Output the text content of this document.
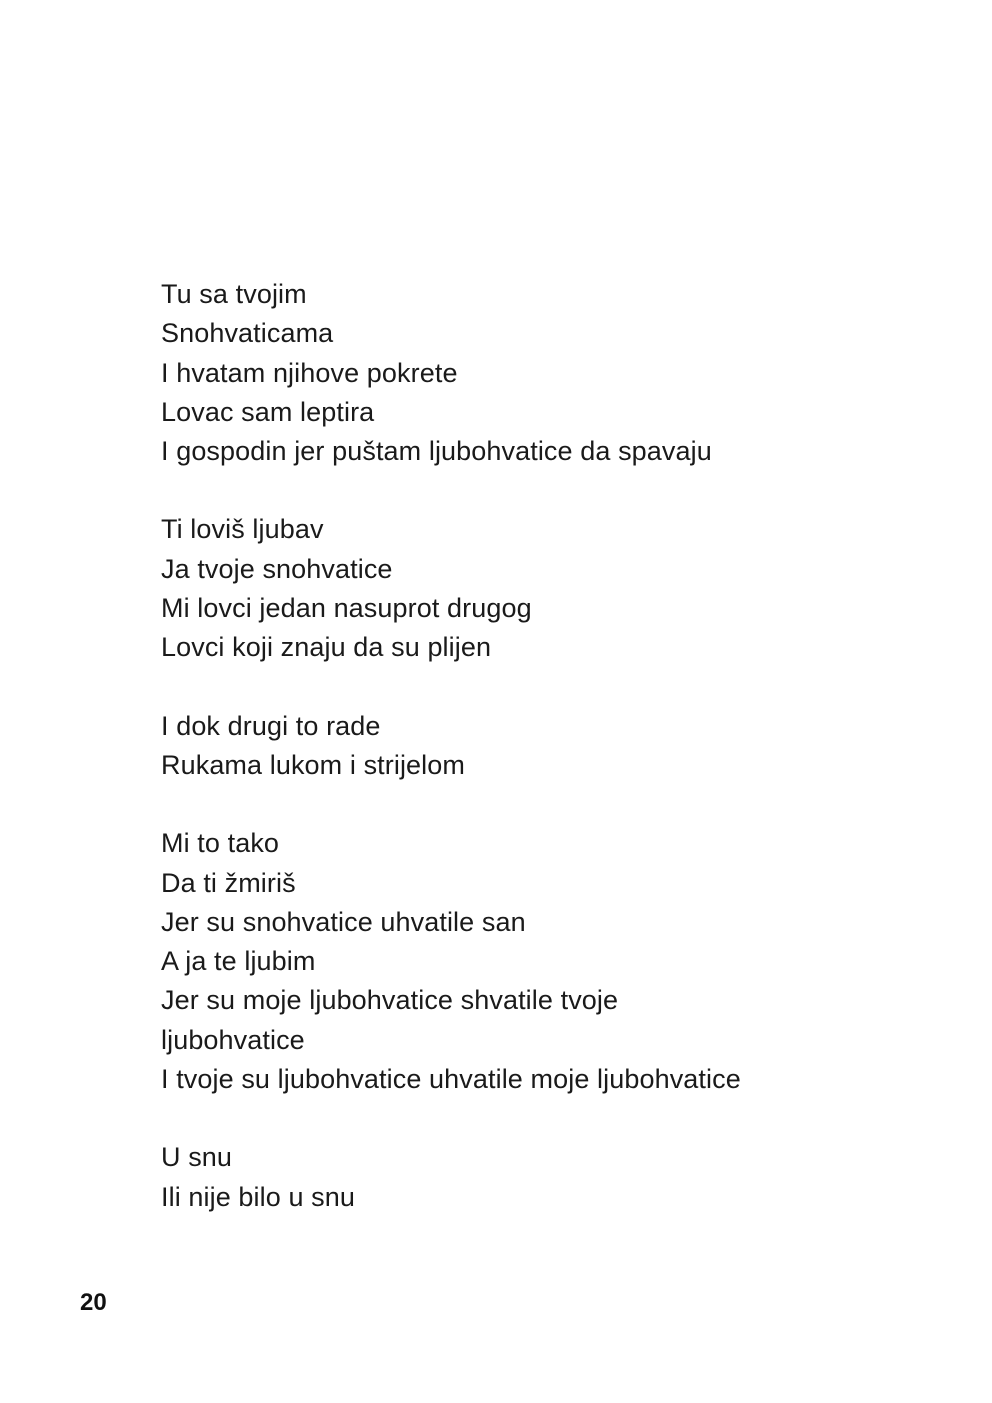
Tu sa tvojim
Snohvaticama
I hvatam njihove pokrete
Lovac sam leptira
I gospodin jer puštam ljubohvatice da spavaju
Ti loviš ljubav
Ja tvoje snohvatice
Mi lovci jedan nasuprot drugog
Lovci koji znaju da su plijen
I dok drugi to rade
Rukama lukom i strijelom
Mi to tako
Da ti žmiriš
Jer su snohvatice uhvatile san
A ja te ljubim
Jer su moje ljubohvatice shvatile tvoje
ljubohvatice
I tvoje su ljubohvatice uhvatile moje ljubohvatice
U snu
Ili nije bilo u snu
20
